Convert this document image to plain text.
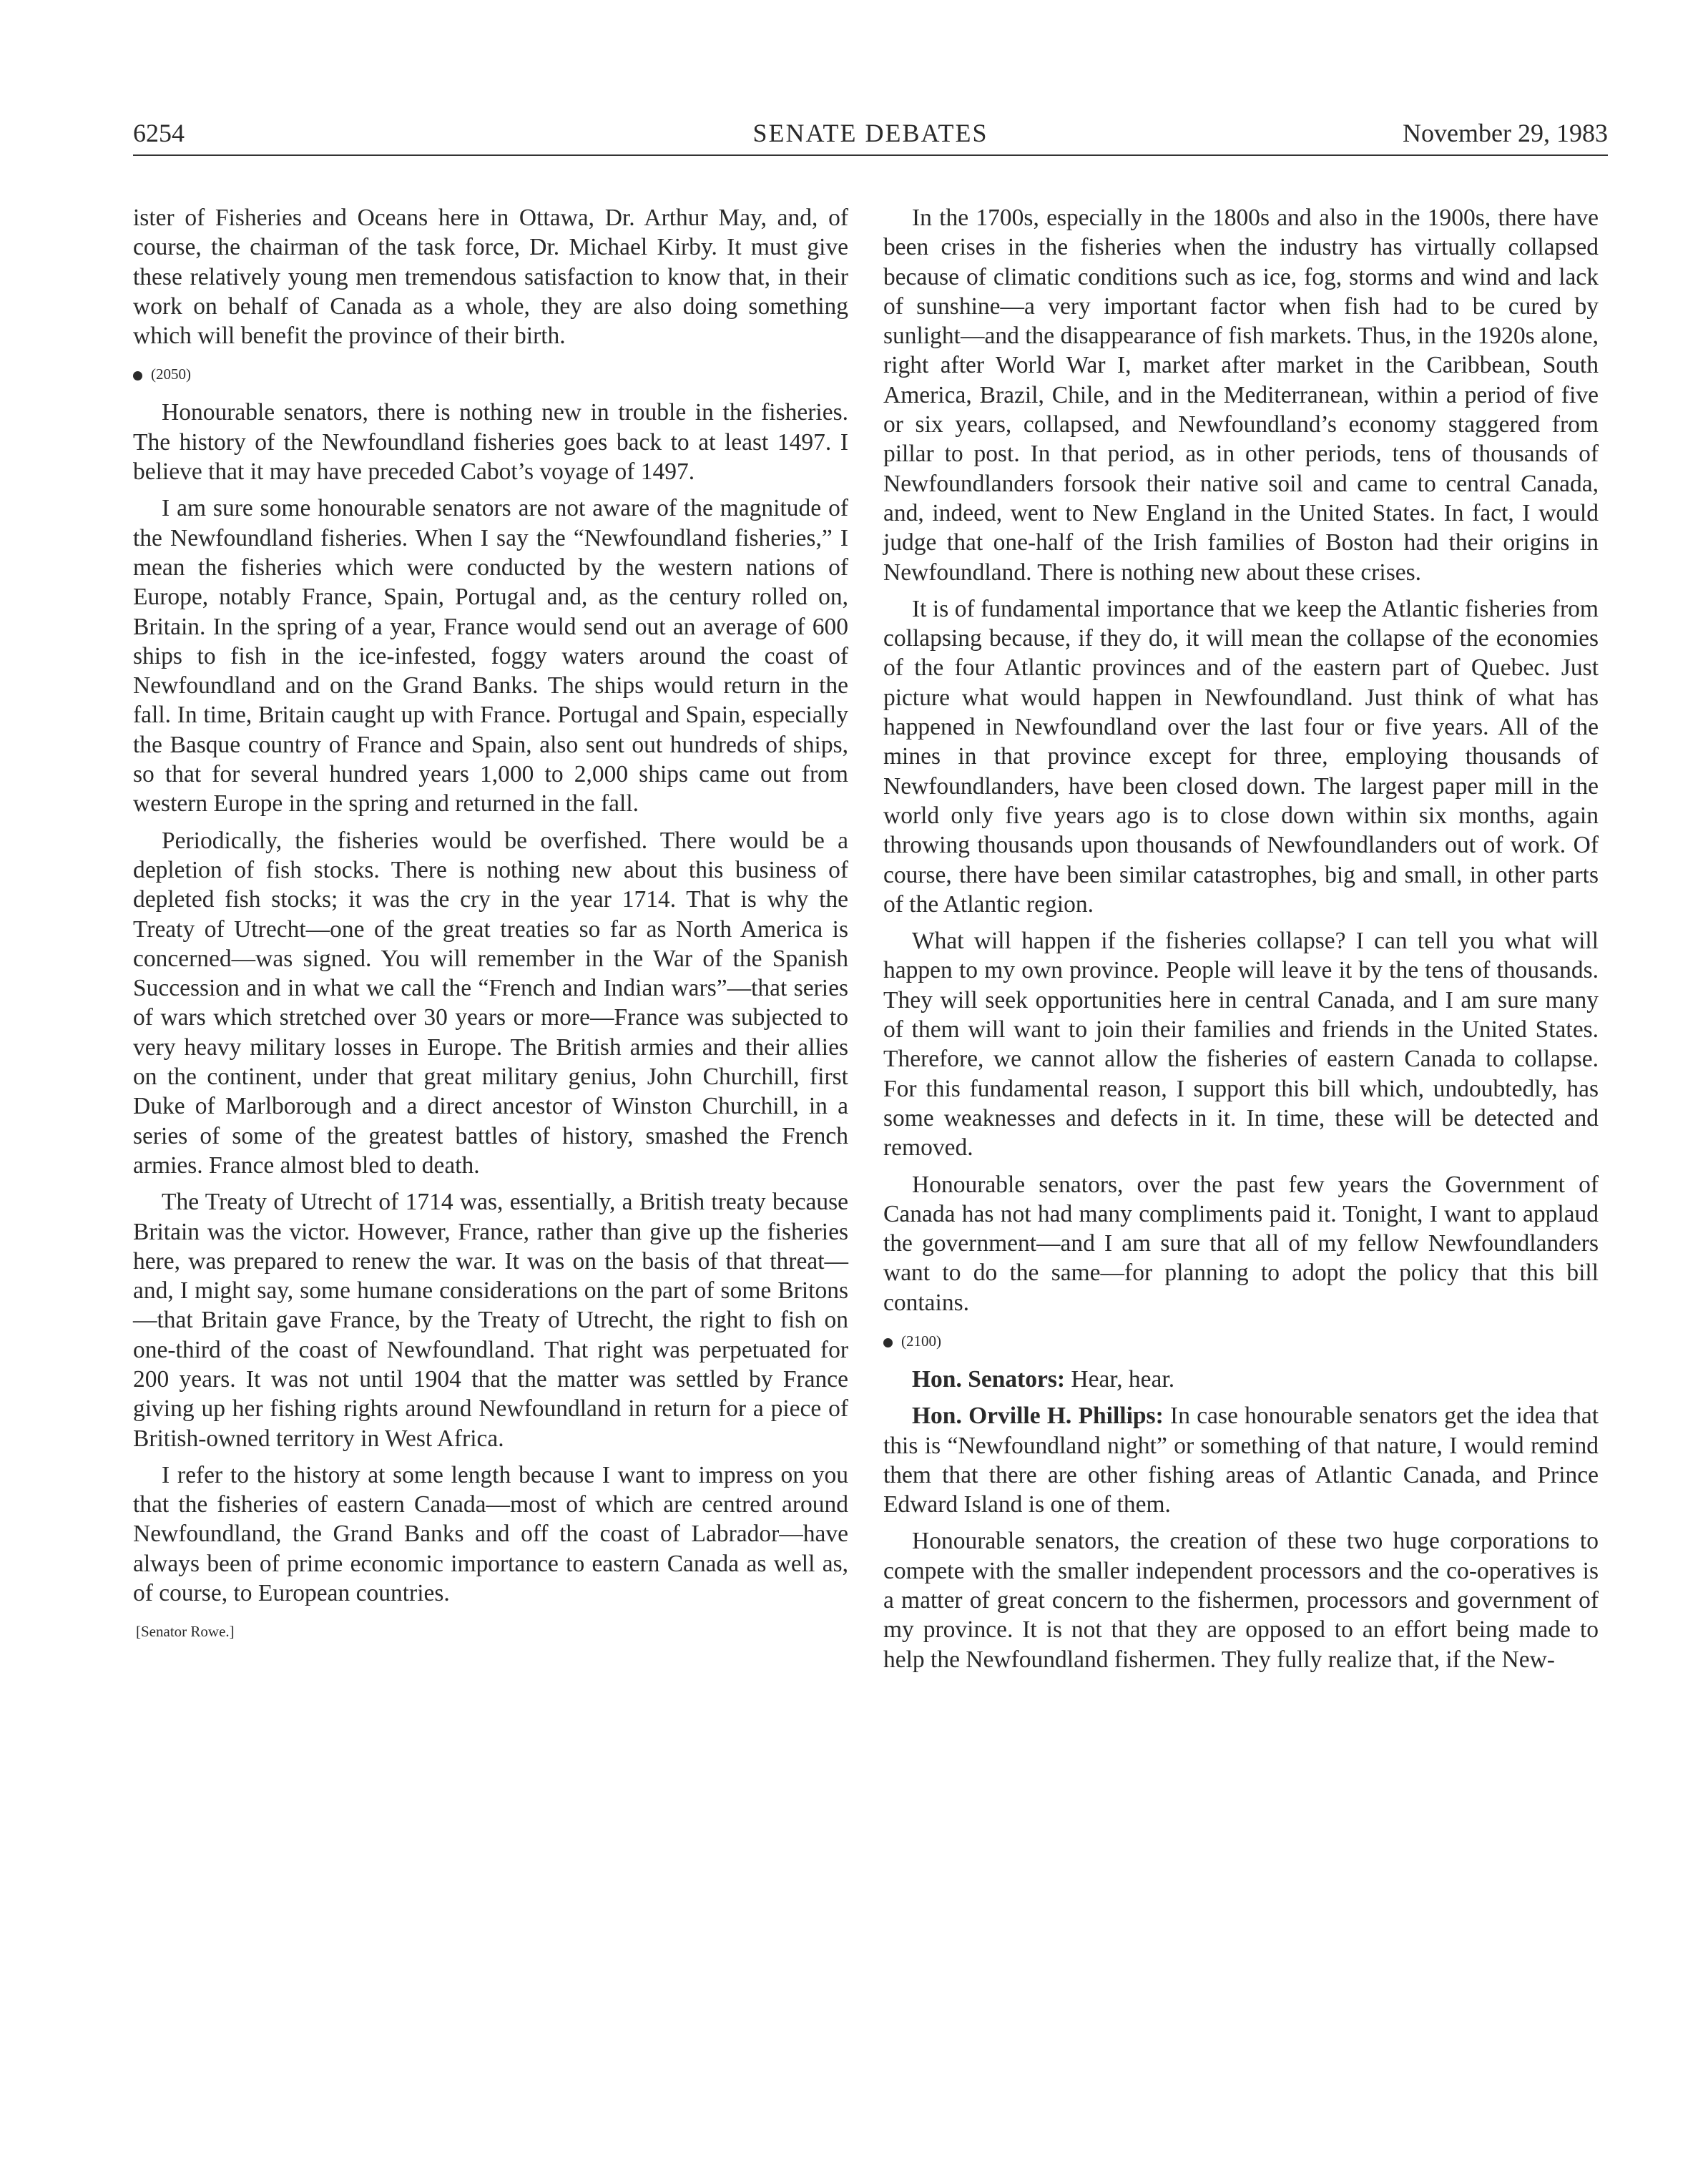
6254	SENATE DEBATES	November 29, 1983

ister of Fisheries and Oceans here in Ottawa, Dr. Arthur May, and, of course, the chairman of the task force, Dr. Michael Kirby. It must give these relatively young men tremendous satisfaction to know that, in their work on behalf of Canada as a whole, they are also doing something which will benefit the province of their birth.

(2050)

Honourable senators, there is nothing new in trouble in the fisheries. The history of the Newfoundland fisheries goes back to at least 1497. I believe that it may have preceded Cabot’s voyage of 1497.

I am sure some honourable senators are not aware of the magnitude of the Newfoundland fisheries. When I say the “Newfoundland fisheries,” I mean the fisheries which were conducted by the western nations of Europe, notably France, Spain, Portugal and, as the century rolled on, Britain. In the spring of a year, France would send out an average of 600 ships to fish in the ice-infested, foggy waters around the coast of Newfoundland and on the Grand Banks. The ships would return in the fall. In time, Britain caught up with France. Portugal and Spain, especially the Basque country of France and Spain, also sent out hundreds of ships, so that for several hundred years 1,000 to 2,000 ships came out from western Europe in the spring and returned in the fall.

Periodically, the fisheries would be overfished. There would be a depletion of fish stocks. There is nothing new about this business of depleted fish stocks; it was the cry in the year 1714. That is why the Treaty of Utrecht—one of the great treaties so far as North America is concerned—was signed. You will remember in the War of the Spanish Succession and in what we call the “French and Indian wars”—that series of wars which stretched over 30 years or more—France was subjected to very heavy military losses in Europe. The British armies and their allies on the continent, under that great military genius, John Churchill, first Duke of Marlborough and a direct ancestor of Winston Churchill, in a series of some of the greatest battles of history, smashed the French armies. France almost bled to death.

The Treaty of Utrecht of 1714 was, essentially, a British treaty because Britain was the victor. However, France, rather than give up the fisheries here, was prepared to renew the war. It was on the basis of that threat—and, I might say, some humane considerations on the part of some Britons—that Britain gave France, by the Treaty of Utrecht, the right to fish on one-third of the coast of Newfoundland. That right was perpetuated for 200 years. It was not until 1904 that the matter was settled by France giving up her fishing rights around Newfoundland in return for a piece of British-owned territory in West Africa.

I refer to the history at some length because I want to impress on you that the fisheries of eastern Canada—most of which are centred around Newfoundland, the Grand Banks and off the coast of Labrador—have always been of prime economic importance to eastern Canada as well as, of course, to European countries.

[Senator Rowe.]

In the 1700s, especially in the 1800s and also in the 1900s, there have been crises in the fisheries when the industry has virtually collapsed because of climatic conditions such as ice, fog, storms and wind and lack of sunshine—a very important factor when fish had to be cured by sunlight—and the disappearance of fish markets. Thus, in the 1920s alone, right after World War I, market after market in the Caribbean, South America, Brazil, Chile, and in the Mediterranean, within a period of five or six years, collapsed, and Newfoundland’s economy staggered from pillar to post. In that period, as in other periods, tens of thousands of Newfoundlanders forsook their native soil and came to central Canada, and, indeed, went to New England in the United States. In fact, I would judge that one-half of the Irish families of Boston had their origins in Newfoundland. There is nothing new about these crises.

It is of fundamental importance that we keep the Atlantic fisheries from collapsing because, if they do, it will mean the collapse of the economies of the four Atlantic provinces and of the eastern part of Quebec. Just picture what would happen in Newfoundland. Just think of what has happened in Newfoundland over the last four or five years. All of the mines in that province except for three, employing thousands of Newfoundlanders, have been closed down. The largest paper mill in the world only five years ago is to close down within six months, again throwing thousands upon thousands of Newfoundlanders out of work. Of course, there have been similar catastrophes, big and small, in other parts of the Atlantic region.

What will happen if the fisheries collapse? I can tell you what will happen to my own province. People will leave it by the tens of thousands. They will seek opportunities here in central Canada, and I am sure many of them will want to join their families and friends in the United States. Therefore, we cannot allow the fisheries of eastern Canada to collapse. For this fundamental reason, I support this bill which, undoubtedly, has some weaknesses and defects in it. In time, these will be detected and removed.

Honourable senators, over the past few years the Government of Canada has not had many compliments paid it. Tonight, I want to applaud the government—and I am sure that all of my fellow Newfoundlanders want to do the same—for planning to adopt the policy that this bill contains.

(2100)

Hon. Senators: Hear, hear.

Hon. Orville H. Phillips: In case honourable senators get the idea that this is “Newfoundland night” or something of that nature, I would remind them that there are other fishing areas of Atlantic Canada, and Prince Edward Island is one of them.

Honourable senators, the creation of these two huge corporations to compete with the smaller independent processors and the co-operatives is a matter of great concern to the fishermen, processors and government of my province. It is not that they are opposed to an effort being made to help the Newfoundland fishermen. They fully realize that, if the New-
